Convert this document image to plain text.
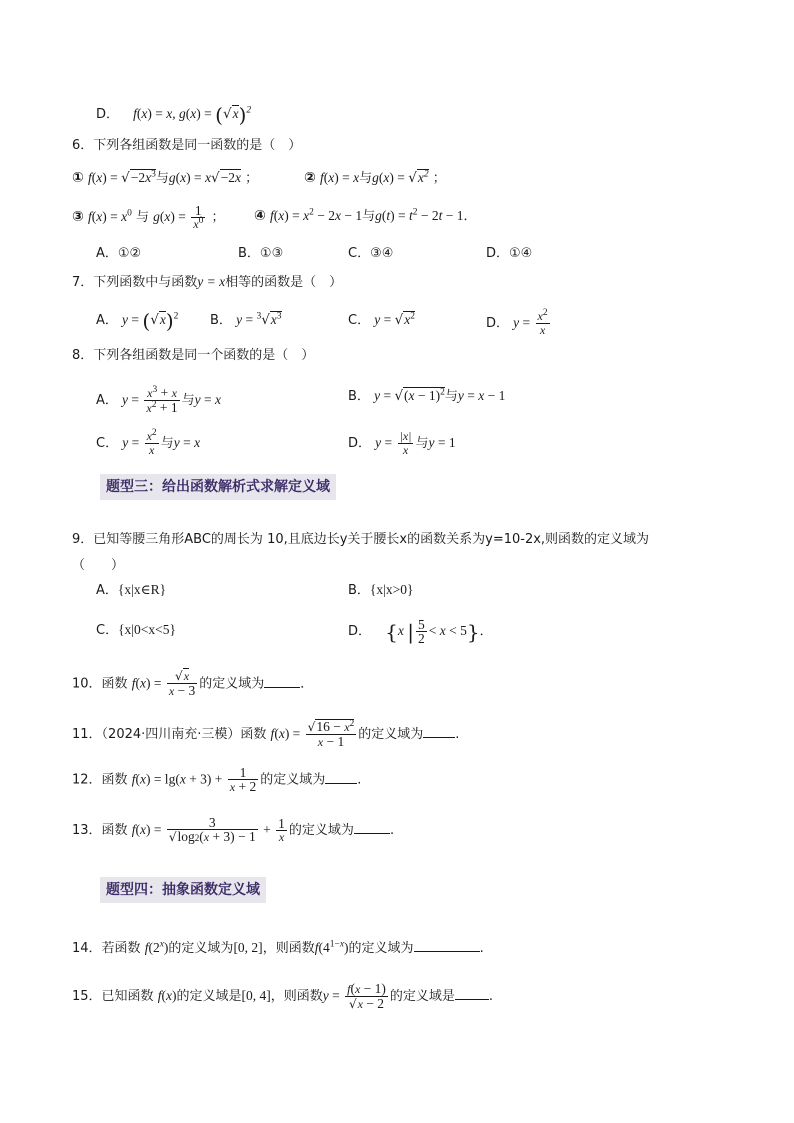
D． f(x) = x, $g(x) = (√x)^2$
6．下列各组函数是同一函数的是（　）
① $f(x) = √-2x^3$与g(x) = x√−2x ；	② f(x) = x与$g(x) = √x^2$ ；
③ $f(x) = x^0$ 与 $g(x) = \frac{1}{x^0}$ ； ④ $f(x) = x^2 - 2x - 1$与$g(t) = t^2 - 2t - 1$．
A．①②	B．①③	C．③④	D．①④
7．下列函数中与函数y = x相等的函数是（　）
A． $y = (√x)^2$ B． $y = ^3√x^3$	C． $y = √x^2$	D． $y = \frac{x^2}{x}$
8．下列各组函数是同一个函数的是（　）
A． $y = \frac{x^3 + x}{x^2 + 1}$ 与y = x	B． $y = √(x - 1)^2$与y = x − 1
C． $y = \frac{x^2}{x}$ 与y = x	D． $y = \frac{|x|}{x}$ 与y = 1
题型三：给出函数解析式求解定义域
9．已知等腰三角形ABC的周长为 10,且底边长y关于腰长x的函数关系为y=10-2x,则函数的定义域为
（　　）
A．{x|x∈R}	B．{x|x>0}
C．{x|0<x<5}	D． {x | $\frac{5}{2} < x < 5$}．
10．函数 $f(x) = \frac{√x}{x - 3}$ 的定义域为	．
11．（2024·四川南充·三模）函数 $f(x) = \frac{√16 - x^2}{x - 1}$ 的定义域为 .
12．函数 $f(x) = \lg(x + 3) + \frac{1}{x + 2}$ 的定义域为 .
13．函数 $f(x) = \frac{3}{√\log 2(x + 3) - 1} + \frac{1}{x}$ 的定义域为	.
题型四：抽象函数定义域
14．若函数 f(2$^x$)的定义域为[0, 2]，则函数$f(4^{1-x})$的定义域为	.
15．已知函数 f(x)的定义域是[0, 4]，则函数$y = \frac{f(x - 1)}{√x - 2}$ 的定义域是	.
